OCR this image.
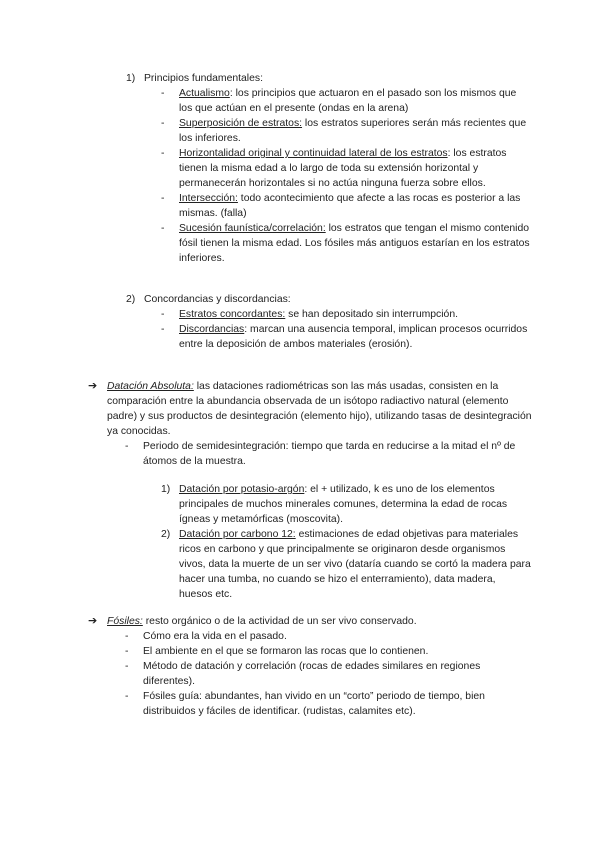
1) Principios fundamentales:
- Actualismo: los principios que actuaron en el pasado son los mismos que los que actúan en el presente (ondas en la arena)
- Superposición de estratos: los estratos superiores serán más recientes que los inferiores.
- Horizontalidad original y continuidad lateral de los estratos: los estratos tienen la misma edad a lo largo de toda su extensión horizontal y permanecerán horizontales si no actúa ninguna fuerza sobre ellos.
- Intersección: todo acontecimiento que afecte a las rocas es posterior a las mismas. (falla)
- Sucesión faunística/correlación: los estratos que tengan el mismo contenido fósil tienen la misma edad. Los fósiles más antiguos estarían en los estratos inferiores.
2) Concordancias y discordancias:
- Estratos concordantes: se han depositado sin interrumpción.
- Discordancias: marcan una ausencia temporal, implican procesos ocurridos entre la deposición de ambos materiales (erosión).
➔ Datación Absoluta: las dataciones radiométricas son las más usadas, consisten en la comparación entre la abundancia observada de un isótopo radiactivo natural (elemento padre) y sus productos de desintegración (elemento hijo), utilizando tasas de desintegración ya conocidas.
- Periodo de semidesintegración: tiempo que tarda en reducirse a la mitad el nº de átomos de la muestra.
1) Datación por potasio-argón: el + utilizado, k es uno de los elementos principales de muchos minerales comunes, determina la edad de rocas ígneas y metamórficas (moscovita).
2) Datación por carbono 12: estimaciones de edad objetivas para materiales ricos en carbono y que principalmente se originaron desde organismos vivos, data la muerte de un ser vivo (dataría cuando se cortó la madera para hacer una tumba, no cuando se hizo el enterramiento), data madera, huesos etc.
➔ Fósiles: resto orgánico o de la actividad de un ser vivo conservado.
- Cómo era la vida en el pasado.
- El ambiente en el que se formaron las rocas que lo contienen.
- Método de datación y correlación (rocas de edades similares en regiones diferentes).
- Fósiles guía: abundantes, han vivido en un “corto” periodo de tiempo, bien distribuidos y fáciles de identificar. (rudistas, calamites etc).
